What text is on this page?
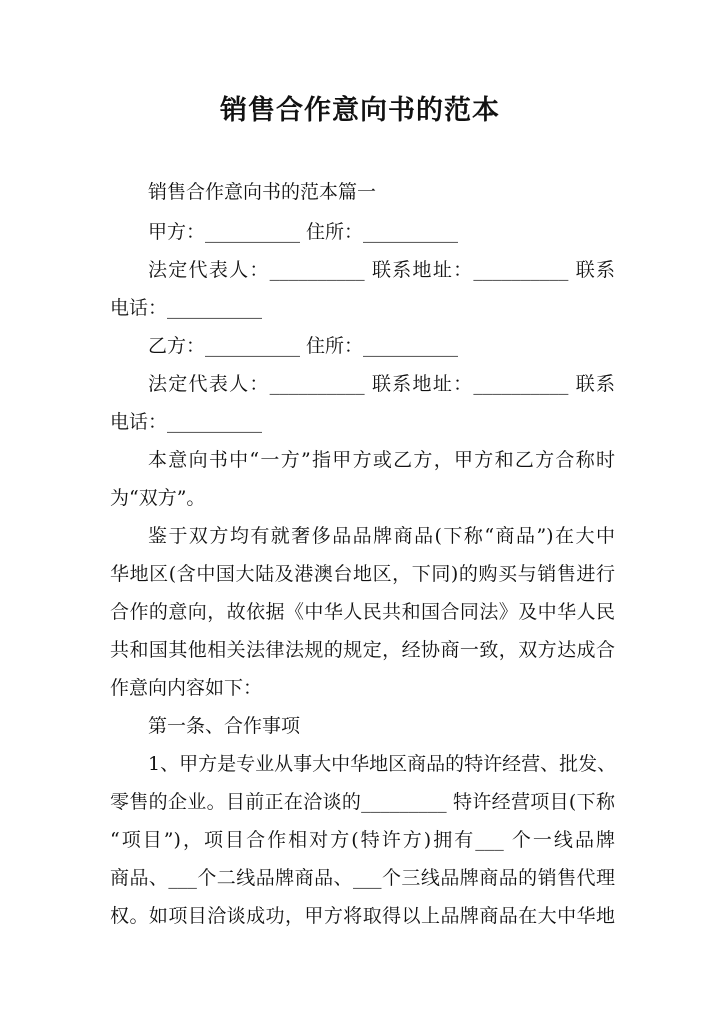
销售合作意向书的范本
销售合作意向书的范本篇一
甲方：__________ 住所：__________
法定代表人：__________ 联系地址：__________ 联系
电话：__________
乙方：__________ 住所：__________
法定代表人：__________ 联系地址：__________ 联系
电话：__________
本意向书中“一方”指甲方或乙方，甲方和乙方合称时
为“双方”。
鉴于双方均有就奢侈品品牌商品(下称“商品”)在大中
华地区(含中国大陆及港澳台地区，下同)的购买与销售进行
合作的意向，故依据《中华人民共和国合同法》及中华人民
共和国其他相关法律法规的规定，经协商一致，双方达成合
作意向内容如下：
第一条、合作事项
1、甲方是专业从事大中华地区商品的特许经营、批发、
零售的企业。目前正在洽谈的_________ 特许经营项目(下称
“项目”)，项目合作相对方(特许方)拥有___ 个一线品牌
商品、___个二线品牌商品、___个三线品牌商品的销售代理
权。如项目洽谈成功，甲方将取得以上品牌商品在大中华地
